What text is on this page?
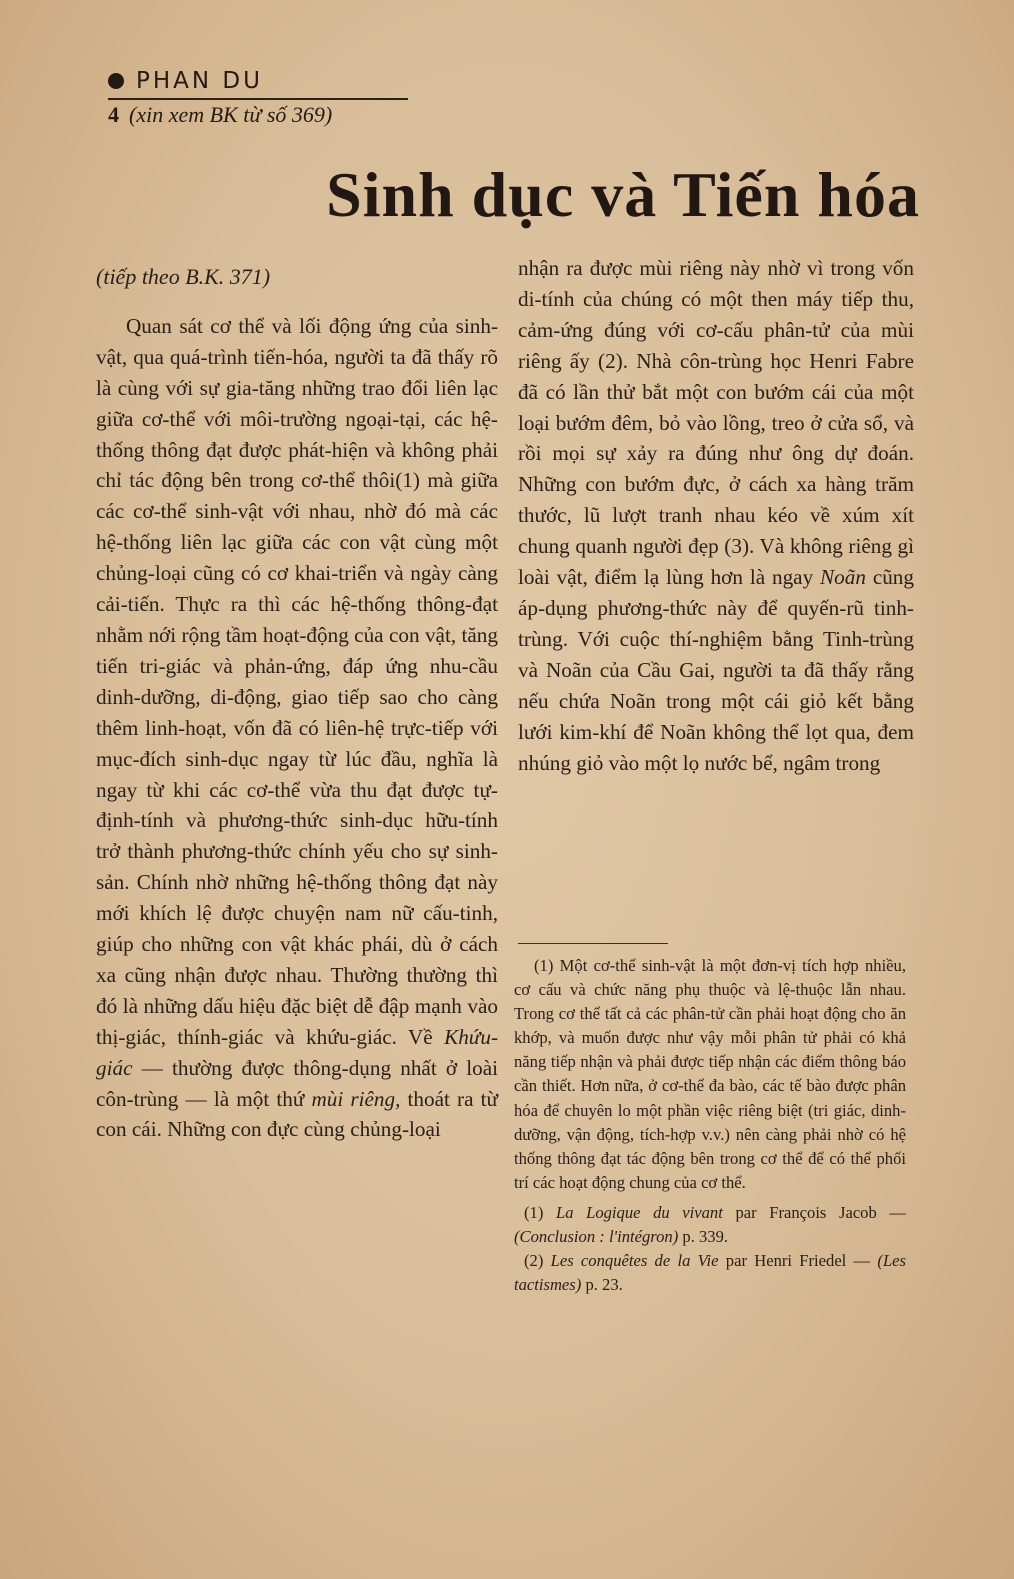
PHAN DU
4 (xin xem BK từ số 369)
Sinh dục và Tiến hóa
(tiếp theo B.K. 371)

Quan sát cơ thể và lối động ứng của sinh-vật, qua quá-trình tiến-hóa, người ta đã thấy rõ là cùng với sự gia-tăng những trao đổi liên lạc giữa cơ-thể với môi-trường ngoại-tại, các hệ-thống thông đạt được phát-hiện và không phải chỉ tác động bên trong cơ-thể thôi(1) mà giữa các cơ-thể sinh-vật với nhau, nhờ đó mà các hệ-thống liên lạc giữa các con vật cùng một chủng-loại cũng có cơ khai-triển và ngày càng cải-tiến. Thực ra thì các hệ-thống thông-đạt nhằm nới rộng tầm hoạt-động của con vật, tăng tiến tri-giác và phản-ứng, đáp ứng nhu-cầu dinh-dưỡng, di-động, giao tiếp sao cho càng thêm linh-hoạt, vốn đã có liên-hệ trực-tiếp với mục-đích sinh-dục ngay từ lúc đầu, nghĩa là ngay từ khi các cơ-thể vừa thu đạt được tự-định-tính và phương-thức sinh-dục hữu-tính trở thành phương-thức chính yếu cho sự sinh-sản. Chính nhờ những hệ-thống thông đạt này mới khích lệ được chuyện nam nữ cấu-tinh, giúp cho những con vật khác phái, dù ở cách xa cũng nhận được nhau. Thường thường thì đó là những dấu hiệu đặc biệt dễ đập mạnh vào thị-giác, thính-giác và khứu-giác. Về Khứu-giác — thường được thông-dụng nhất ở loài côn-trùng — là một thứ mùi riêng, thoát ra từ con cái. Những con đực cùng chủng-loại

nhận ra được mùi riêng này nhờ vì trong vốn di-tính của chúng có một then máy tiếp thu, cảm-ứng đúng với cơ-cấu phân-tử của mùi riêng ấy (2). Nhà côn-trùng học Henri Fabre đã có lần thử bắt một con bướm cái của một loại bướm đêm, bỏ vào lồng, treo ở cửa sổ, và rồi mọi sự xảy ra đúng như ông dự đoán. Những con bướm đực, ở cách xa hàng trăm thước, lũ lượt tranh nhau kéo về xúm xít chung quanh người đẹp (3). Và không riêng gì loài vật, điểm lạ lùng hơn là ngay Noãn cũng áp-dụng phương-thức này để quyến-rũ tinh-trùng. Với cuộc thí-nghiệm bằng Tinh-trùng và Noãn của Cầu Gai, người ta đã thấy rằng nếu chứa Noãn trong một cái giỏ kết bằng lưới kim-khí để Noãn không thể lọt qua, đem nhúng giỏ vào một lọ nước bể, ngâm trong

(1) Một cơ-thể sinh-vật là một đơn-vị tích hợp nhiều, cơ cấu và chức năng phụ thuộc và lệ-thuộc lẫn nhau. Trong cơ thể tất cả các phân-tử cần phải hoạt động cho ăn khớp, và muốn được như vậy mỗi phân tử phải có khả năng tiếp nhận và phải được tiếp nhận các điểm thông báo cần thiết. Hơn nữa, ở cơ-thể đa bào, các tế bào được phân hóa để chuyên lo một phần việc riêng biệt (tri giác, dinh-dưỡng, vận động, tích-hợp v.v.) nên càng phải nhờ có hệ thống thông đạt tác động bên trong cơ thể để có thể phối trí các hoạt động chung của cơ thể.

(1) La Logique du vivant par François Jacob — (Conclusion : l'intégron) p. 339.

(2) Les conquêtes de la Vie par Henri Friedel — (Les tactismes) p. 23.
